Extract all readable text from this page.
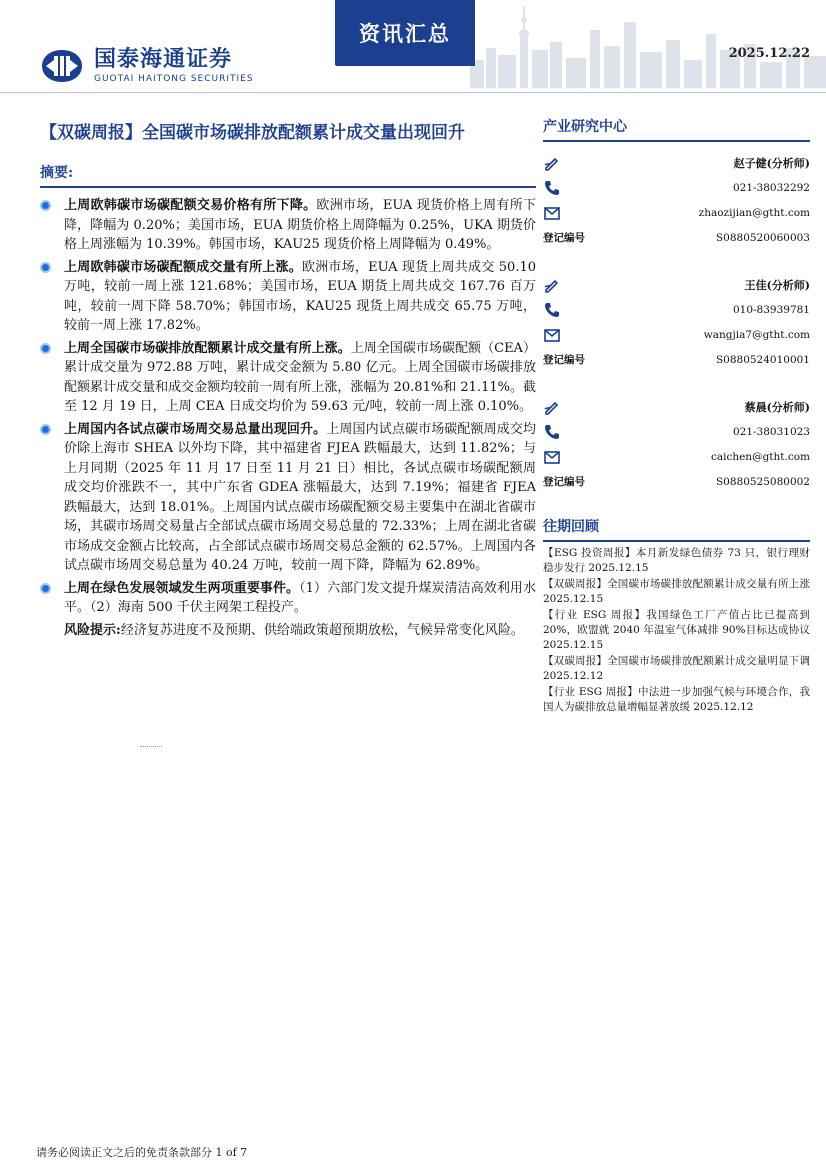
国泰海通证券
GUOTAI HAITONG SECURITIES
资讯汇总
2025.12.22
【双碳周报】全国碳市场碳排放配额累计成交量出现回升
摘要:
上周欧韩碳市场碳配额交易价格有所下降。欧洲市场，EUA 现货价格上周有所下降，降幅为 0.20%；美国市场，EUA 期货价格上周降幅为 0.25%，UKA 期货价格上周涨幅为 10.39%。韩国市场，KAU25 现货价格上周降幅为 0.49%。
上周欧韩碳市场碳配额成交量有所上涨。欧洲市场，EUA 现货上周共成交 50.10 万吨，较前一周上涨 121.68%；美国市场，EUA 期货上周共成交 167.76 百万吨，较前一周下降 58.70%；韩国市场，KAU25 现货上周共成交 65.75 万吨，较前一周上涨 17.82%。
上周全国碳市场碳排放配额累计成交量有所上涨。上周全国碳市场碳配额（CEA）累计成交量为 972.88 万吨，累计成交金额为 5.80 亿元。上周全国碳市场碳排放配额累计成交量和成交金额均较前一周有所上涨，涨幅为 20.81%和 21.11%。截至 12 月 19 日，上周 CEA 日成交均价为 59.63 元/吨，较前一周上涨 0.10%。
上周国内各试点碳市场周交易总量出现回升。上周国内试点碳市场碳配额周成交均价除上海市 SHEA 以外均下降，其中福建省 FJEA 跌幅最大，达到 11.82%；与上月同期（2025 年 11 月 17 日至 11 月 21 日）相比，各试点碳市场碳配额周成交均价涨跌不一，其中广东省 GDEA 涨幅最大，达到 7.19%；福建省 FJEA 跌幅最大，达到 18.01%。上周国内试点碳市场碳配额交易主要集中在湖北省碳市场，其碳市场周交易量占全部试点碳市场周交易总量的 72.33%；上周在湖北省碳市场成交金额占比较高，占全部试点碳市场周交易总金额的 62.57%。上周国内各试点碳市场周交易总量为 40.24 万吨，较前一周下降，降幅为 62.89%。
上周在绿色发展领域发生两项重要事件。（1）六部门发文提升煤炭清洁高效利用水平。（2）海南 500 千伏主网架工程投产。

风险提示:经济复苏进度不及预期、供给端政策超预期放松，气候异常变化风险。

产业研究中心
赵子健(分析师)
021-38032292
zhaozijian@gtht.com
登记编号	S0880520060003
王佳(分析师)
010-83939781
wangjia7@gtht.com
登记编号	S0880524010001
蔡晨(分析师)
021-38031023
caichen@gtht.com
登记编号	S0880525080002
往期回顾
【ESG 投资周报】本月新发绿色债券 73 只，银行理财稳步发行 2025.12.15
【双碳周报】全国碳市场碳排放配额累计成交量有所上涨 2025.12.15
【行业 ESG 周报】我国绿色工厂产值占比已提高到 20%，欧盟就 2040 年温室气体减排 90%目标达成协议 2025.12.15
【双碳周报】全国碳市场碳排放配额累计成交量明显下调 2025.12.12
【行业 ESG 周报】中法进一步加强气候与环境合作，我国人为碳排放总量增幅显著放缓 2025.12.12
请务必阅读正文之后的免责条款部分 1 of 7
